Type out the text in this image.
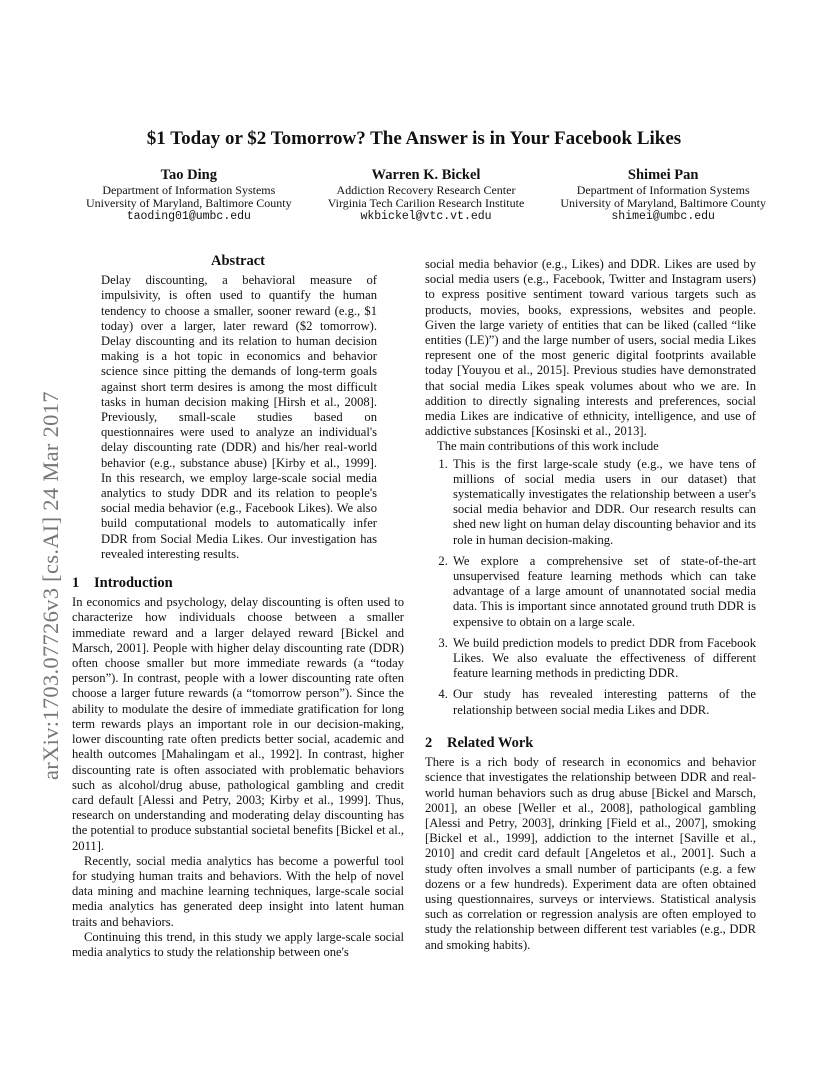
arXiv:1703.07726v3 [cs.AI] 24 Mar 2017
$1 Today or $2 Tomorrow? The Answer is in Your Facebook Likes
Tao Ding
Department of Information Systems
University of Maryland, Baltimore County
taoding01@umbc.edu
Warren K. Bickel
Addiction Recovery Research Center
Virginia Tech Carilion Research Institute
wkbickel@vtc.vt.edu
Shimei Pan
Department of Information Systems
University of Maryland, Baltimore County
shimei@umbc.edu
Abstract

Delay discounting, a behavioral measure of impulsivity, is often used to quantify the human tendency to choose a smaller, sooner reward (e.g., $1 today) over a larger, later reward ($2 tomorrow). Delay discounting and its relation to human decision making is a hot topic in economics and behavior science since pitting the demands of long-term goals against short term desires is among the most difficult tasks in human decision making [Hirsh et al., 2008]. Previously, small-scale studies based on questionnaires were used to analyze an individual's delay discounting rate (DDR) and his/her real-world behavior (e.g., substance abuse) [Kirby et al., 1999]. In this research, we employ large-scale social media analytics to study DDR and its relation to people's social media behavior (e.g., Facebook Likes). We also build computational models to automatically infer DDR from Social Media Likes. Our investigation has revealed interesting results.

1 Introduction

In economics and psychology, delay discounting is often used to characterize how individuals choose between a smaller immediate reward and a larger delayed reward [Bickel and Marsch, 2001]. People with higher delay discounting rate (DDR) often choose smaller but more immediate rewards (a “today person”). In contrast, people with a lower discounting rate often choose a larger future rewards (a “tomorrow person”). Since the ability to modulate the desire of immediate gratification for long term rewards plays an important role in our decision-making, lower discounting rate often predicts better social, academic and health outcomes [Mahalingam et al., 1992]. In contrast, higher discounting rate is often associated with problematic behaviors such as alcohol/drug abuse, pathological gambling and credit card default [Alessi and Petry, 2003; Kirby et al., 1999]. Thus, research on understanding and moderating delay discounting has the potential to produce substantial societal benefits [Bickel et al., 2011].

Recently, social media analytics has become a powerful tool for studying human traits and behaviors. With the help of novel data mining and machine learning techniques, large-scale social media analytics has generated deep insight into latent human traits and behaviors.

Continuing this trend, in this study we apply large-scale social media analytics to study the relationship between one's

social media behavior (e.g., Likes) and DDR. Likes are used by social media users (e.g., Facebook, Twitter and Instagram users) to express positive sentiment toward various targets such as products, movies, books, expressions, websites and people. Given the large variety of entities that can be liked (called “like entities (LE)”) and the large number of users, social media Likes represent one of the most generic digital footprints available today [Youyou et al., 2015]. Previous studies have demonstrated that social media Likes speak volumes about who we are. In addition to directly signaling interests and preferences, social media Likes are indicative of ethnicity, intelligence, and use of addictive substances [Kosinski et al., 2013].

The main contributions of this work include

1. This is the first large-scale study (e.g., we have tens of millions of social media users in our dataset) that systematically investigates the relationship between a user's social media behavior and DDR. Our research results can shed new light on human delay discounting behavior and its role in human decision-making.
2. We explore a comprehensive set of state-of-the-art unsupervised feature learning methods which can take advantage of a large amount of unannotated social media data. This is important since annotated ground truth DDR is expensive to obtain on a large scale.
3. We build prediction models to predict DDR from Facebook Likes. We also evaluate the effectiveness of different feature learning methods in predicting DDR.
4. Our study has revealed interesting patterns of the relationship between social media Likes and DDR.
2 Related Work

There is a rich body of research in economics and behavior science that investigates the relationship between DDR and real-world human behaviors such as drug abuse [Bickel and Marsch, 2001], an obese [Weller et al., 2008], pathological gambling [Alessi and Petry, 2003], drinking [Field et al., 2007], smoking [Bickel et al., 1999], addiction to the internet [Saville et al., 2010] and credit card default [Angeletos et al., 2001]. Such a study often involves a small number of participants (e.g. a few dozens or a few hundreds). Experiment data are often obtained using questionnaires, surveys or interviews. Statistical analysis such as correlation or regression analysis are often employed to study the relationship between different test variables (e.g., DDR and smoking habits).
